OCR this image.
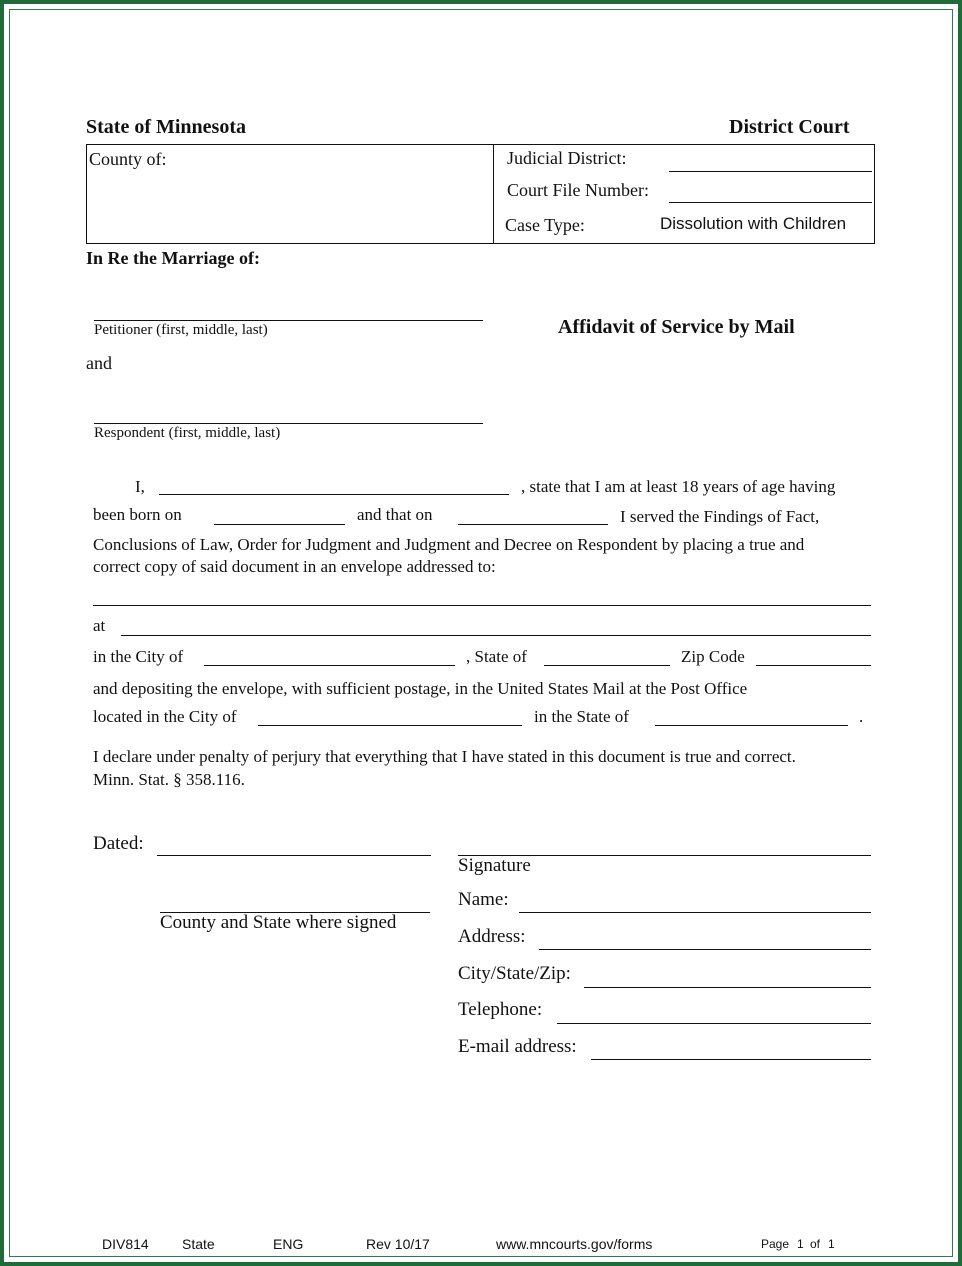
State of Minnesota	District Court
County of:	Judicial District:
Court File Number:
Case Type:	Dissolution with Children
In Re the Marriage of:
Petitioner (first, middle, last)	Affidavit of Service by Mail
and
Respondent (first, middle, last)
I,	, state that I am at least 18 years of age having
been born on	and that on	I served the Findings of Fact,
Conclusions of Law, Order for Judgment and Judgment and Decree on Respondent by placing a true and
correct copy of said document in an envelope addressed to:
at
in the City of	, State of	Zip Code
and depositing the envelope, with sufficient postage, in the United States Mail at the Post Office
located in the City of	in the State of	.
I declare under penalty of perjury that everything that I have stated in this document is true and correct.
Minn. Stat. § 358.116.
Dated:
Signature
County and State where signed
Name:
Address:
City/State/Zip:
Telephone:
E-mail address:
DIV814 State	ENG	Rev 10/17	www.mncourts.gov/forms	Page 1 of 1
